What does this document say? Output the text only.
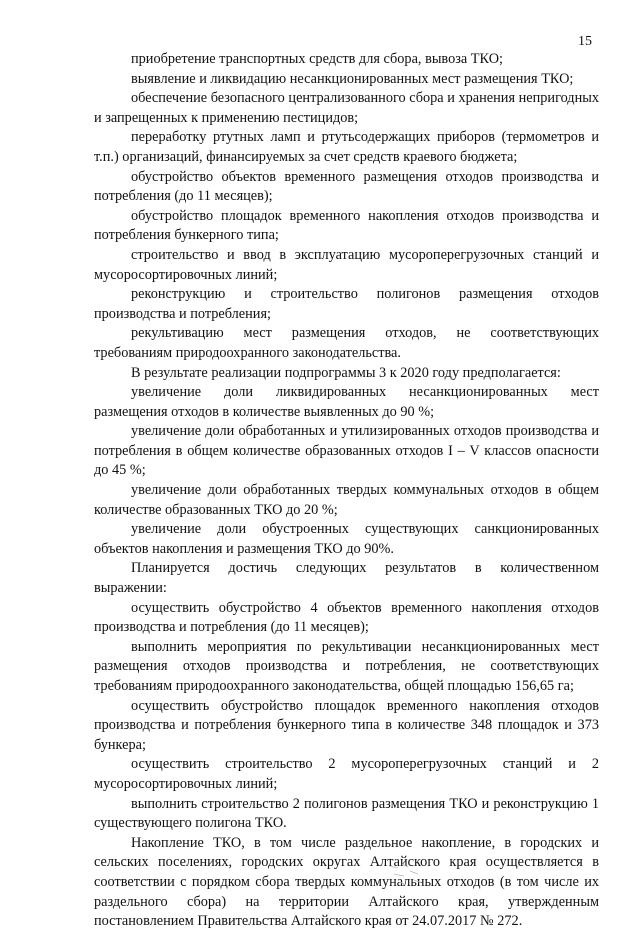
15

приобретение транспортных средств для сбора, вывоза ТКО;

выявление и ликвидацию несанкционированных мест размещения ТКО;

обеспечение безопасного централизованного сбора и хранения непригодных и запрещенных к применению пестицидов;

переработку ртутных ламп и ртутьсодержащих приборов (термометров и т.п.) организаций, финансируемых за счет средств краевого бюджета;

обустройство объектов временного размещения отходов производства и потребления (до 11 месяцев);

обустройство площадок временного накопления отходов производства и потребления бункерного типа;

строительство и ввод в эксплуатацию мусороперегрузочных станций и мусоросортировочных линий;

реконструкцию и строительство полигонов размещения отходов производства и потребления;

рекультивацию мест размещения отходов, не соответствующих требованиям природоохранного законодательства.

В результате реализации подпрограммы 3 к 2020 году предполагается:

увеличение доли ликвидированных несанкционированных мест размещения отходов в количестве выявленных до 90 %;

увеличение доли обработанных и утилизированных отходов производства и потребления в общем количестве образованных отходов I – V классов опасности до 45 %;

увеличение доли обработанных твердых коммунальных отходов в общем количестве образованных ТКО до 20 %;

увеличение доли обустроенных существующих санкционированных объектов накопления и размещения ТКО до 90%.

Планируется достичь следующих результатов в количественном выражении:

осуществить обустройство 4 объектов временного накопления отходов производства и потребления (до 11 месяцев);

выполнить мероприятия по рекультивации несанкционированных мест размещения отходов производства и потребления, не соответствующих требованиям природоохранного законодательства, общей площадью 156,65 га;

осуществить обустройство площадок временного накопления отходов производства и потребления бункерного типа в количестве 348 площадок и 373 бункера;

осуществить строительство 2 мусороперегрузочных станций и 2 мусоросортировочных линий;

выполнить строительство 2 полигонов размещения ТКО и реконструкцию 1 существующего полигона ТКО.

Накопление ТКО, в том числе раздельное накопление, в городских и сельских поселениях, городских округах Алтайского края осуществляется в соответствии с порядком сбора твердых коммунальных отходов (в том числе их раздельного сбора) на территории Алтайского края, утвержденным постановлением Правительства Алтайского края от 24.07.2017 № 272.
